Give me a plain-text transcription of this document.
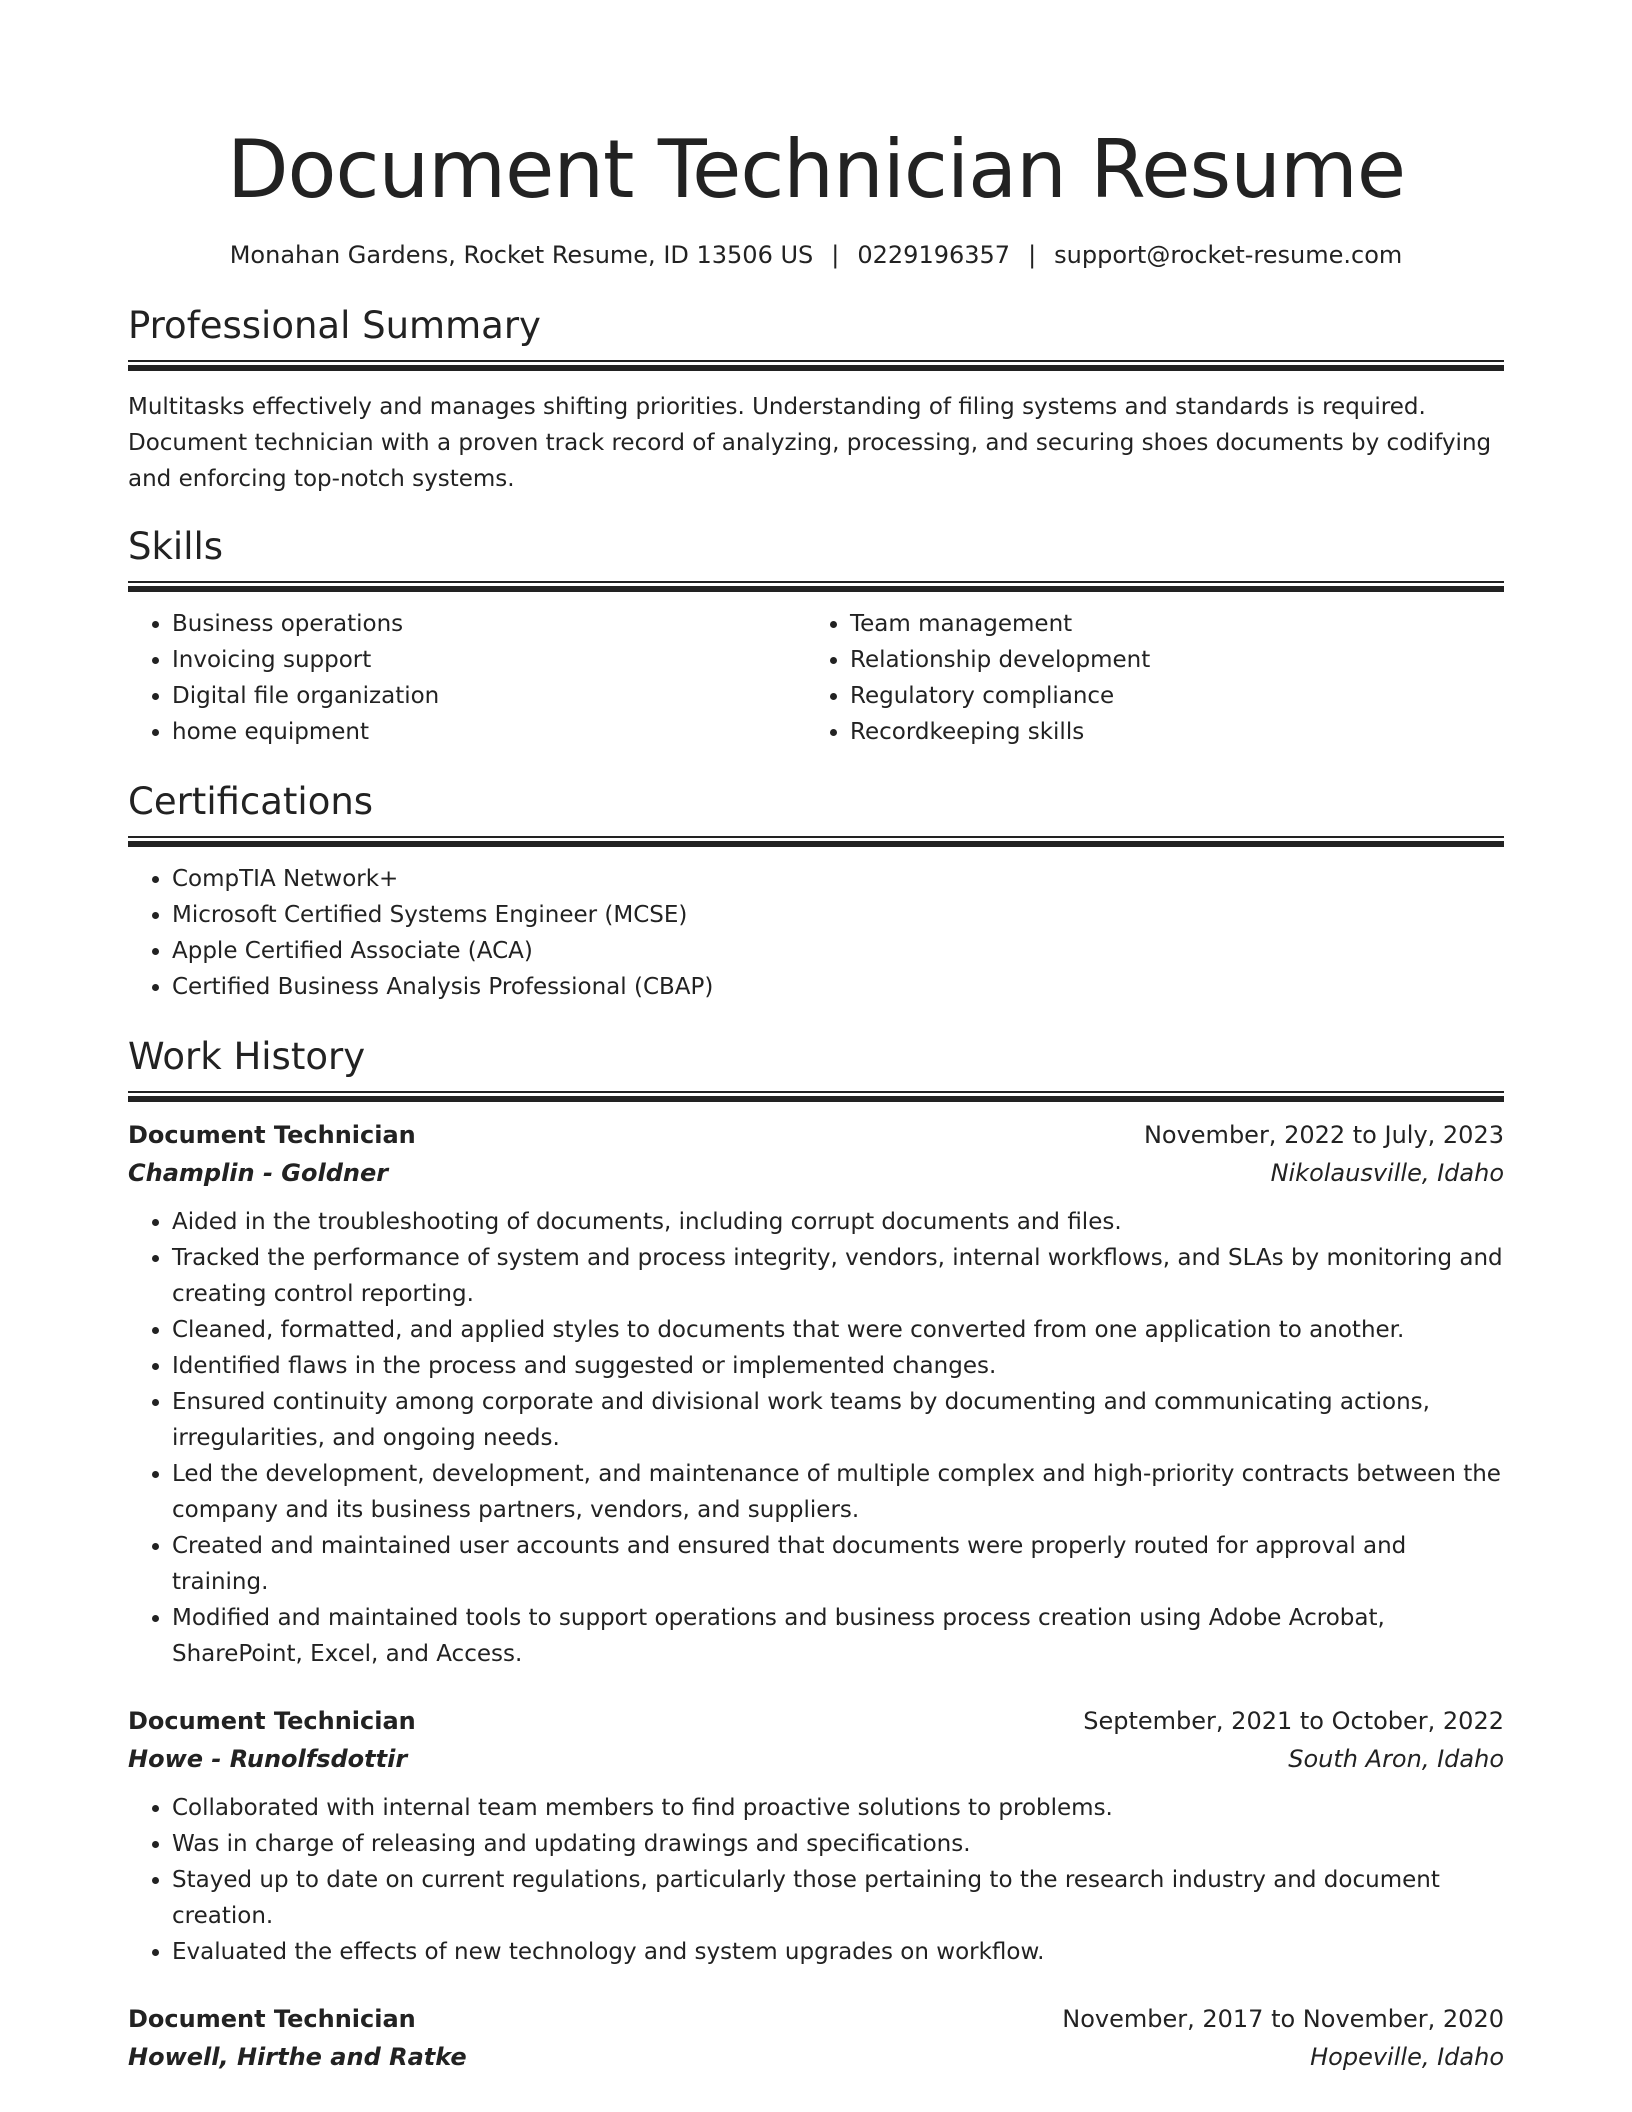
Document Technician Resume
Monahan Gardens, Rocket Resume, ID 13506 US | 0229196357 | support@rocket-resume.com
Professional Summary

Multitasks effectively and manages shifting priorities. Understanding of filing systems and standards is required. Document technician with a proven track record of analyzing, processing, and securing shoes documents by codifying and enforcing top-notch systems.

Skills
• Business operations
• Invoicing support
• Digital file organization
• home equipment
• Team management
• Relationship development
• Regulatory compliance
• Recordkeeping skills
Certifications
• CompTIA Network+
• Microsoft Certified Systems Engineer (MCSE)
• Apple Certified Associate (ACA)
• Certified Business Analysis Professional (CBAP)
Work History
Document Technician	November, 2022 to July, 2023
Champlin - Goldner	Nikolausville, Idaho
• Aided in the troubleshooting of documents, including corrupt documents and files.
• Tracked the performance of system and process integrity, vendors, internal workflows, and SLAs by monitoring and creating control reporting.
• Cleaned, formatted, and applied styles to documents that were converted from one application to another.
• Identified flaws in the process and suggested or implemented changes.
• Ensured continuity among corporate and divisional work teams by documenting and communicating actions, irregularities, and ongoing needs.
• Led the development, development, and maintenance of multiple complex and high-priority contracts between the company and its business partners, vendors, and suppliers.
• Created and maintained user accounts and ensured that documents were properly routed for approval and training.
• Modified and maintained tools to support operations and business process creation using Adobe Acrobat, SharePoint, Excel, and Access.
Document Technician	September, 2021 to October, 2022
Howe - Runolfsdottir	South Aron, Idaho
• Collaborated with internal team members to find proactive solutions to problems.
• Was in charge of releasing and updating drawings and specifications.
• Stayed up to date on current regulations, particularly those pertaining to the research industry and document creation.
• Evaluated the effects of new technology and system upgrades on workflow.
Document Technician	November, 2017 to November, 2020
Howell, Hirthe and Ratke	Hopeville, Idaho
